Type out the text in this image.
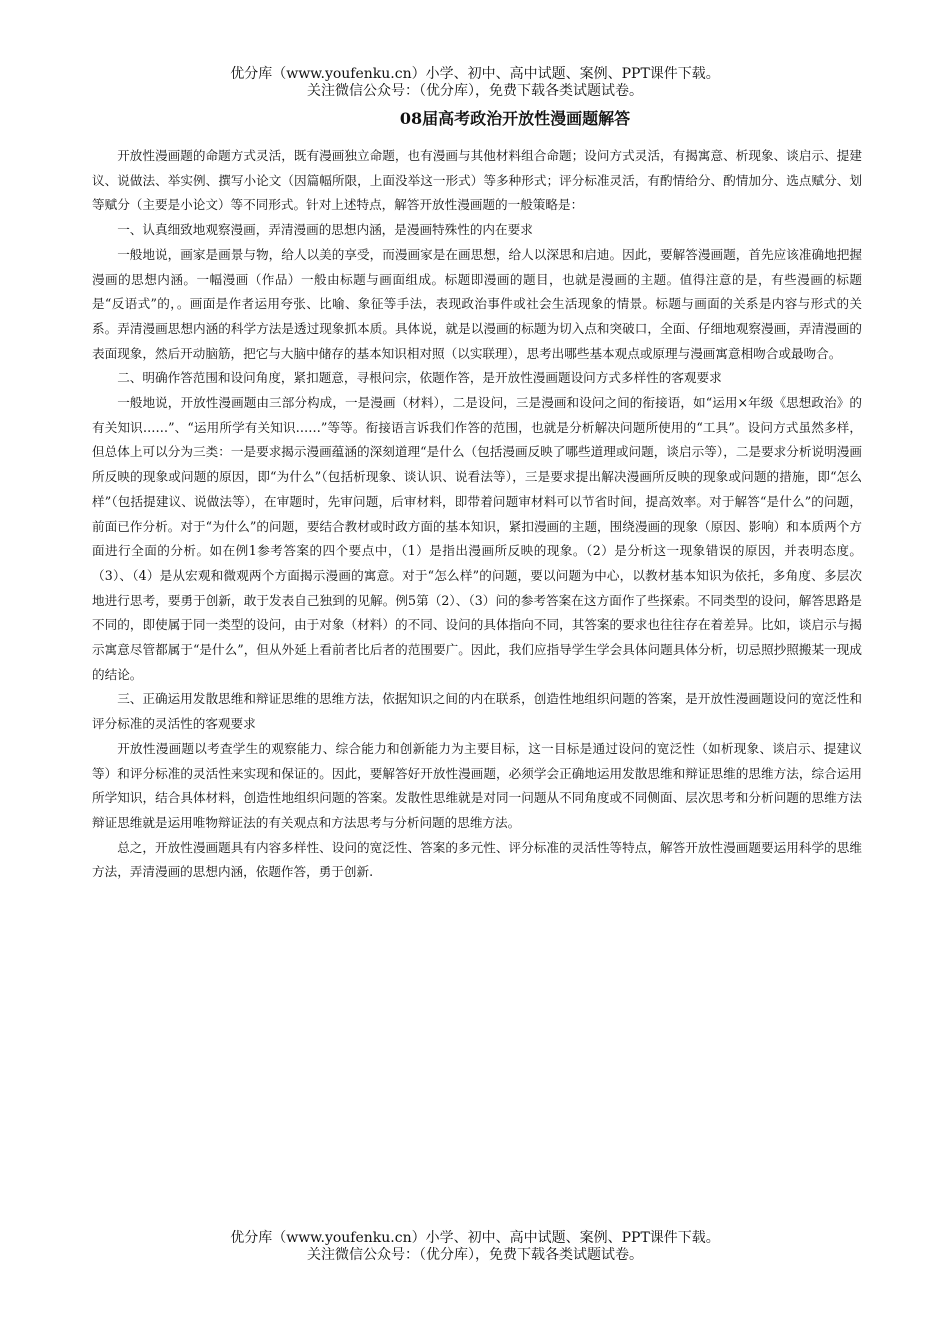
优分库（www.youfenku.cn）小学、初中、高中试题、案例、PPT课件下载。
关注微信公众号：（优分库），免费下载各类试题试卷。
08届高考政治开放性漫画题解答

开放性漫画题的命题方式灵活，既有漫画独立命题，也有漫画与其他材料组合命题；设问方式灵活，有揭寓意、析现象、谈启示、提建议、说做法、举实例、撰写小论文（因篇幅所限，上面没举这一形式）等多种形式；评分标准灵活，有酌情给分、酌情加分、选点赋分、划等赋分（主要是小论文）等不同形式。针对上述特点，解答开放性漫画题的一般策略是：

一、认真细致地观察漫画，弄清漫画的思想内涵，是漫画特殊性的内在要求

一般地说，画家是画景与物，给人以美的享受，而漫画家是在画思想，给人以深思和启迪。因此，要解答漫画题，首先应该准确地把握漫画的思想内涵。一幅漫画（作品）一般由标题与画面组成。标题即漫画的题目，也就是漫画的主题。值得注意的是，有些漫画的标题是“反语式”的，。画面是作者运用夸张、比喻、象征等手法，表现政治事件或社会生活现象的情景。标题与画面的关系是内容与形式的关系。弄清漫画思想内涵的科学方法是透过现象抓本质。具体说，就是以漫画的标题为切入点和突破口，全面、仔细地观察漫画，弄清漫画的表面现象，然后开动脑筋，把它与大脑中储存的基本知识相对照（以实联理），思考出哪些基本观点或原理与漫画寓意相吻合或最吻合。

二、明确作答范围和设问角度，紧扣题意，寻根问宗，依题作答，是开放性漫画题设问方式多样性的客观要求

一般地说，开放性漫画题由三部分构成，一是漫画（材料），二是设问，三是漫画和设问之间的衔接语，如“运用×年级《思想政治》的有关知识……”、“运用所学有关知识……”等等。衔接语言诉我们作答的范围，也就是分析解决问题所使用的“工具”。设问方式虽然多样，但总体上可以分为三类：一是要求揭示漫画蕴涵的深刻道理“是什么（包括漫画反映了哪些道理或问题，谈启示等），二是要求分析说明漫画所反映的现象或问题的原因，即“为什么”（包括析现象、谈认识、说看法等），三是要求提出解决漫画所反映的现象或问题的措施，即“怎么样”（包括提建议、说做法等），在审题时，先审问题，后审材料，即带着问题审材料可以节省时间，提高效率。对于解答“是什么”的问题，前面已作分析。对于“为什么”的问题，要结合教材或时政方面的基本知识，紧扣漫画的主题，围绕漫画的现象（原因、影响）和本质两个方面进行全面的分析。如在例1参考答案的四个要点中，（1）是指出漫画所反映的现象。（2）是分析这一现象错误的原因，并表明态度。（3）、（4）是从宏观和微观两个方面揭示漫画的寓意。对于“怎么样”的问题，要以问题为中心，以教材基本知识为依托，多角度、多层次地进行思考，要勇于创新，敢于发表自己独到的见解。例5第（2）、（3）问的参考答案在这方面作了些探索。不同类型的设问，解答思路是不同的，即使属于同一类型的设问，由于对象（材料）的不同、设问的具体指向不同，其答案的要求也往往存在着差异。比如，谈启示与揭示寓意尽管都属于“是什么”，但从外延上看前者比后者的范围要广。因此，我们应指导学生学会具体问题具体分析，切忌照抄照搬某一现成的结论。

三、正确运用发散思维和辩证思维的思维方法，依据知识之间的内在联系，创造性地组织问题的答案，是开放性漫画题设问的宽泛性和评分标准的灵活性的客观要求

开放性漫画题以考查学生的观察能力、综合能力和创新能力为主要目标，这一目标是通过设问的宽泛性（如析现象、谈启示、提建议等）和评分标准的灵活性来实现和保证的。因此，要解答好开放性漫画题，必须学会正确地运用发散思维和辩证思维的思维方法，综合运用所学知识，结合具体材料，创造性地组织问题的答案。发散性思维就是对同一问题从不同角度或不同侧面、层次思考和分析问题的思维方法辩证思维就是运用唯物辩证法的有关观点和方法思考与分析问题的思维方法。

总之，开放性漫画题具有内容多样性、设问的宽泛性、答案的多元性、评分标准的灵活性等特点，解答开放性漫画题要运用科学的思维方法，弄清漫画的思想内涵，依题作答，勇于创新.

优分库（www.youfenku.cn）小学、初中、高中试题、案例、PPT课件下载。
关注微信公众号：（优分库），免费下载各类试题试卷。
